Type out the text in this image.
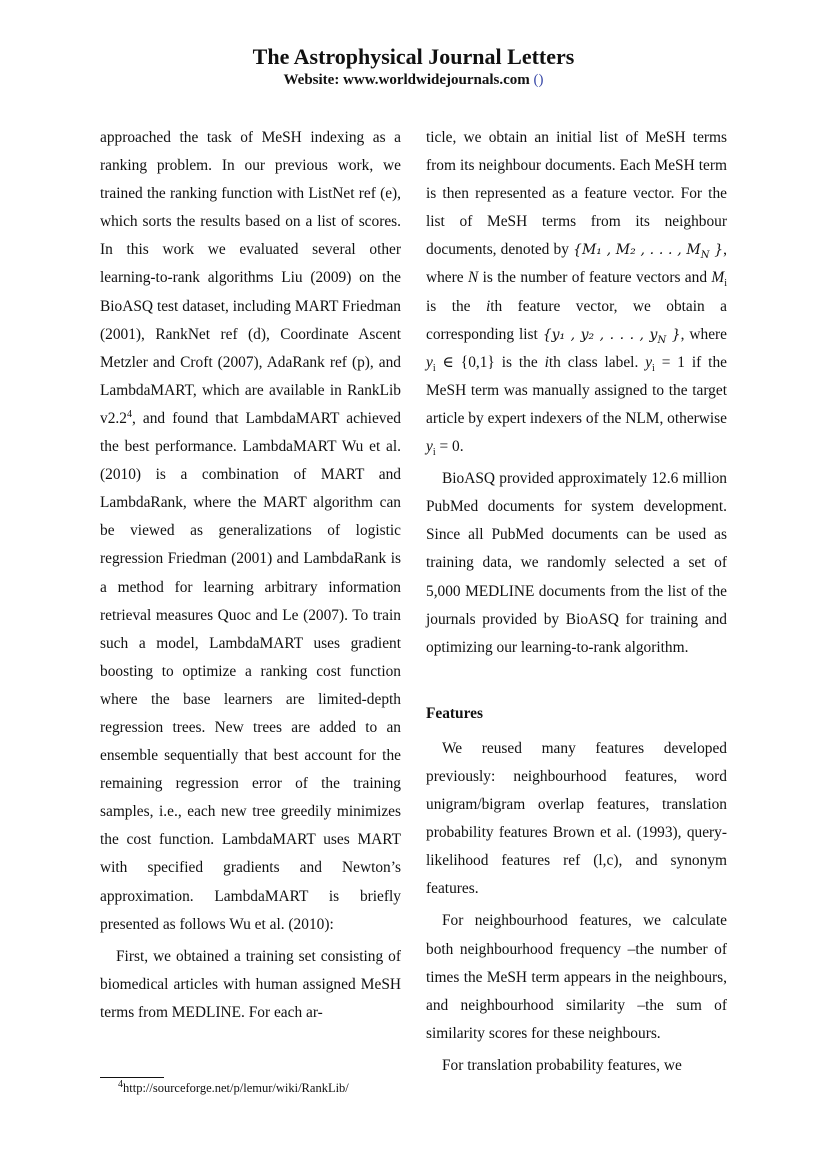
The Astrophysical Journal Letters
Website: www.worldwidejournals.com ()

approached the task of MeSH indexing as a ranking problem. In our previous work, we trained the ranking function with ListNet ref (e), which sorts the results based on a list of scores. In this work we evaluated several other learning-to-rank algorithms Liu (2009) on the BioASQ test dataset, including MART Friedman (2001), RankNet ref (d), Coordinate Ascent Metzler and Croft (2007), AdaRank ref (p), and LambdaMART, which are available in RankLib $v2.2^4$, and found that LambdaMART achieved the best performance. LambdaMART Wu et al. (2010) is a combination of MART and LambdaRank, where the MART algorithm can be viewed as generalizations of logistic regression Friedman (2001) and LambdaRank is a method for learning arbitrary information retrieval measures Quoc and Le (2007). To train such a model, LambdaMART uses gradient boosting to optimize a ranking cost function where the base learners are limited-depth regression trees. New trees are added to an ensemble sequentially that best account for the remaining regression error of the training samples, i.e., each new tree greedily minimizes the cost function. LambdaMART uses MART with specified gradients and Newton’s approximation. LambdaMART is briefly presented as follows Wu et al. (2010):

First, we obtained a training set consisting of biomedical articles with human assigned MeSH terms from MEDLINE. For each ar-

ticle, we obtain an initial list of MeSH terms from its neighbour documents. Each MeSH term is then represented as a feature vector. For the list of MeSH terms from its neighbour documents, denoted by {M₁ , M₂ , . . . , $M_N$ }, where N is the number of feature vectors and $M_i$ is the ith feature vector, we obtain a corresponding list {y₁ , y₂ , . . . , $y_N$ }, where $y_i$ ∈ {0,1} is the ith class label. $y_i = 1$ if the MeSH term was manually assigned to the target article by expert indexers of the NLM, otherwise $y_i = 0$.

BioASQ provided approximately 12.6 million PubMed documents for system development. Since all PubMed documents can be used as training data, we randomly selected a set of 5,000 MEDLINE documents from the list of the journals provided by BioASQ for training and optimizing our learning-to-rank algorithm.

Features

We reused many features developed previously: neighbourhood features, word unigram/bigram overlap features, translation probability features Brown et al. (1993), query-likelihood features ref (l,c), and synonym features.

For neighbourhood features, we calculate both neighbourhood frequency –the number of times the MeSH term appears in the neighbours, and neighbourhood similarity –the sum of similarity scores for these neighbours.

For translation probability features, we

$^4$http://sourceforge.net/p/lemur/wiki/RankLib/
